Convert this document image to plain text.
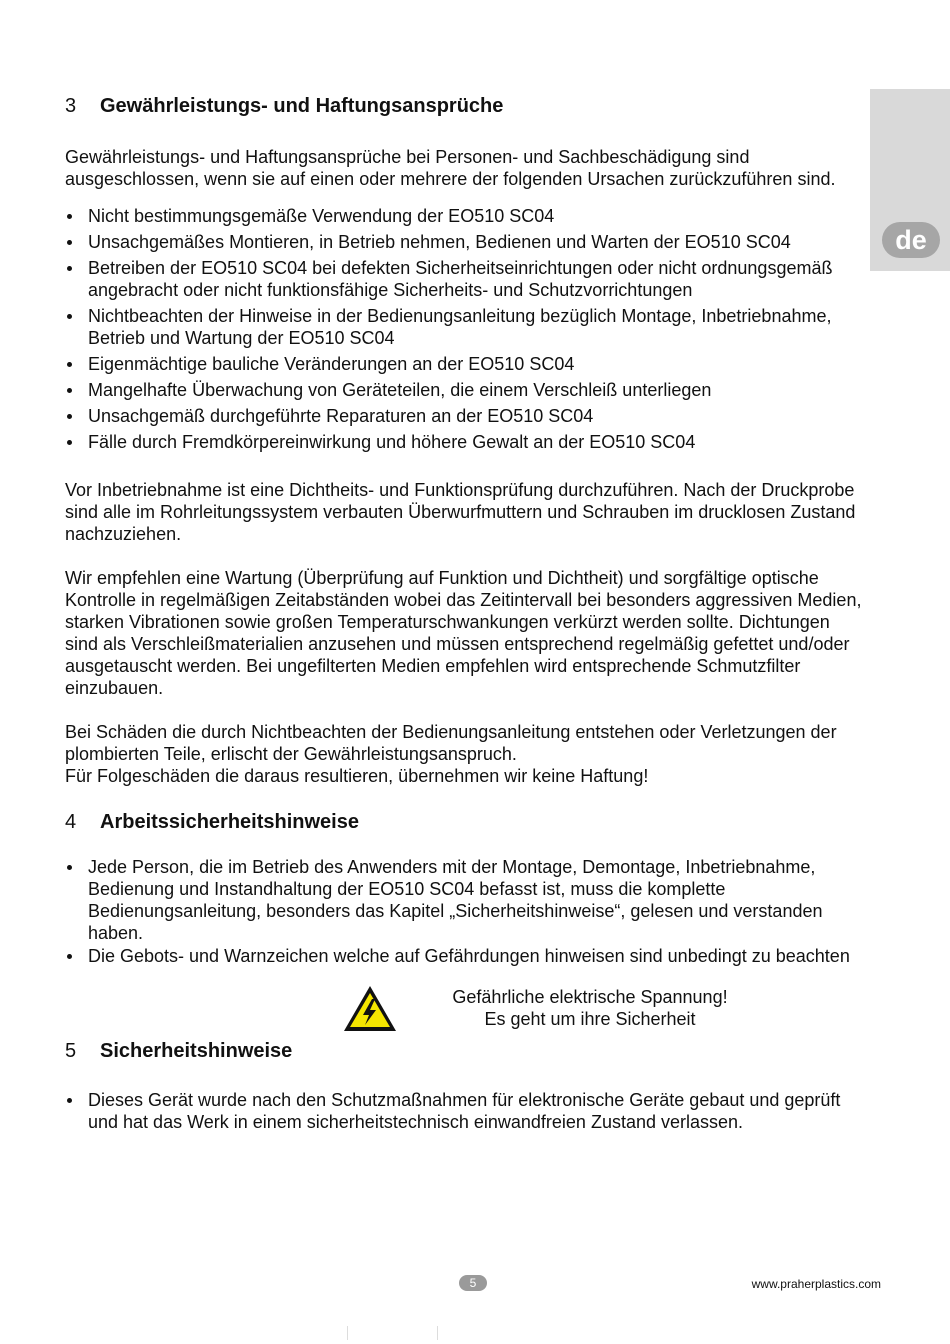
de
3	Gewährleistungs- und Haftungsansprüche

Gewährleistungs- und Haftungsansprüche bei Personen- und Sachbeschädigung sind ausgeschlossen, wenn sie auf einen oder mehrere der folgenden Ursachen zurückzuführen sind.

Nicht bestimmungsgemäße Verwendung der EO510 SC04
Unsachgemäßes Montieren, in Betrieb nehmen, Bedienen und Warten der EO510 SC04
Betreiben der EO510 SC04 bei defekten Sicherheitseinrichtungen oder nicht ordnungsgemäß angebracht oder nicht funktionsfähige Sicherheits- und Schutzvorrichtungen
Nichtbeachten der Hinweise in der Bedienungsanleitung bezüglich Montage, Inbetriebnahme, Betrieb und Wartung der EO510 SC04
Eigenmächtige bauliche Veränderungen an der EO510 SC04
Mangelhafte Überwachung von Geräteteilen, die einem Verschleiß unterliegen
Unsachgemäß durchgeführte Reparaturen an der EO510 SC04
Fälle durch Fremdkörpereinwirkung und höhere Gewalt an der EO510 SC04

Vor Inbetriebnahme ist eine Dichtheits- und Funktionsprüfung durchzuführen. Nach der Druckprobe sind alle im Rohrleitungssystem verbauten Überwurfmuttern und Schrauben im drucklosen Zustand nachzuziehen.

Wir empfehlen eine Wartung (Überprüfung auf Funktion und Dichtheit) und sorgfältige optische Kontrolle in regelmäßigen Zeitabständen wobei das Zeitintervall bei besonders aggressiven Medien, starken Vibrationen sowie großen Temperaturschwankungen verkürzt werden sollte. Dichtungen sind als Verschleißmaterialien anzusehen und müssen entsprechend regelmäßig gefettet und/oder ausgetauscht werden. Bei ungefilterten Medien empfehlen wird entsprechende Schmutzfilter einzubauen.

Bei Schäden die durch Nichtbeachten der Bedienungsanleitung entstehen oder Verletzungen der plombierten Teile, erlischt der Gewährleistungsanspruch.

Für Folgeschäden die daraus resultieren, übernehmen wir keine Haftung!

4	Arbeitssicherheitshinweise
Jede Person, die im Betrieb des Anwenders mit der Montage, Demontage, Inbetriebnahme, Bedienung und Instandhaltung der EO510 SC04 befasst ist, muss die komplette Bedienungsanleitung, besonders das Kapitel „Sicherheitshinweise“, gelesen und verstanden haben.
Die Gebots- und Warnzeichen welche auf Gefährdungen hinweisen sind unbedingt zu beachten
Gefährliche elektrische Spannung!
Es geht um ihre Sicherheit
5	Sicherheitshinweise
Dieses Gerät wurde nach den Schutzmaßnahmen für elektronische Geräte gebaut und geprüft und hat das Werk in einem sicherheitstechnisch einwandfreien Zustand verlassen.
5	www.praherplastics.com
